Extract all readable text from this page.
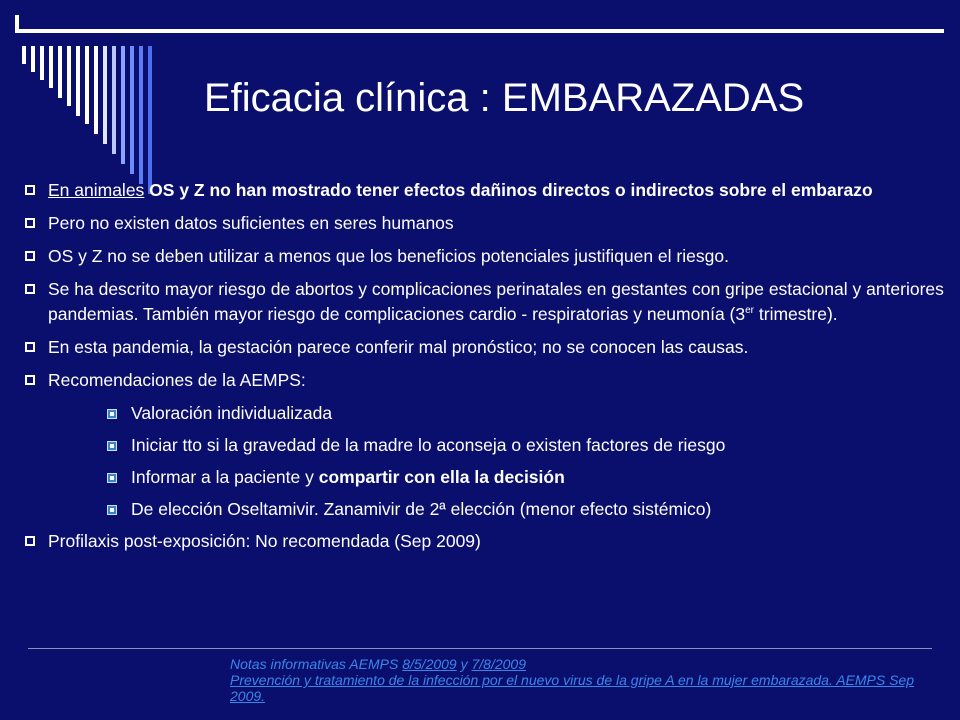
Eficacia clínica : EMBARAZADAS
En animales OS y Z no han mostrado tener efectos dañinos directos o indirectos sobre el embarazo
Pero no existen datos suficientes en seres humanos
OS y Z no se deben utilizar a menos que los beneficios potenciales justifiquen el riesgo.
Se ha descrito mayor riesgo de abortos y complicaciones perinatales en gestantes con gripe estacional y anteriores pandemias. También mayor riesgo de complicaciones cardio - respiratorias y neumonía (3er trimestre).
En esta pandemia, la gestación parece conferir mal pronóstico; no se conocen las causas.
Recomendaciones de la AEMPS:
Valoración individualizada
Iniciar tto si la gravedad de la madre lo aconseja o existen factores de riesgo
Informar a la paciente y compartir con ella la decisión
De elección Oseltamivir. Zanamivir de 2ª elección (menor efecto sistémico)
Profilaxis post-exposición: No recomendada (Sep 2009)
Notas informativas AEMPS 8/5/2009 y 7/8/2009
Prevención y tratamiento de la infección por el nuevo virus de la gripe A en la mujer embarazada. AEMPS Sep 2009.
